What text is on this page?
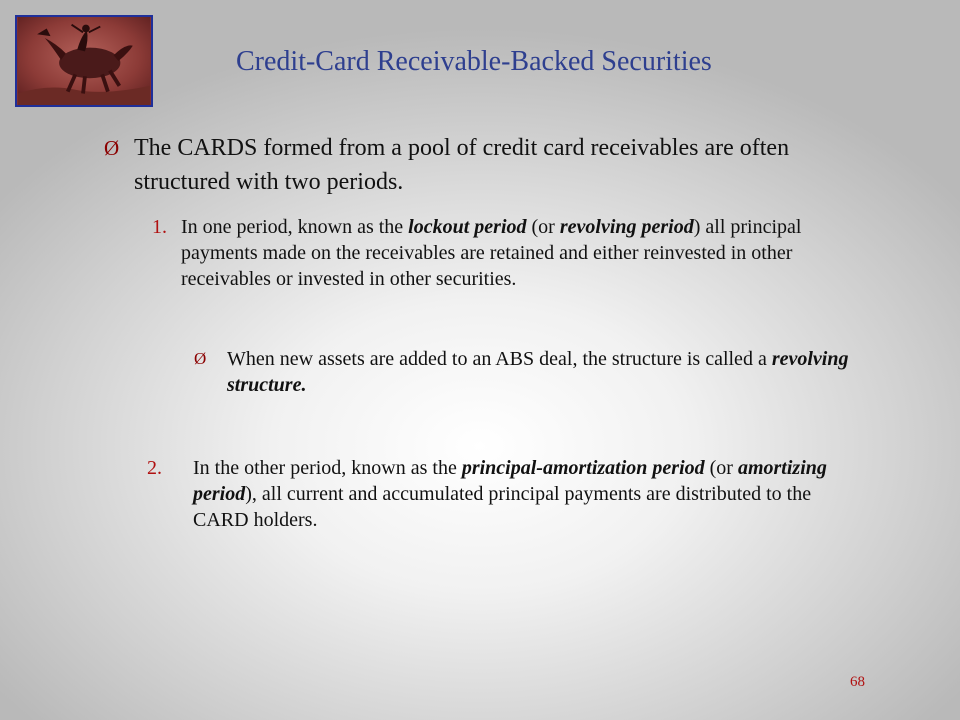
Credit-Card Receivable-Backed Securities
Ø The CARDS formed from a pool of credit card receivables are often structured with two periods.
1. In one period, known as the lockout period (or revolving period) all principal payments made on the receivables are retained and either reinvested in other receivables or invested in other securities.
Ø When new assets are added to an ABS deal, the structure is called a revolving structure.
2. In the other period, known as the principal-amortization period (or amortizing period), all current and accumulated principal payments are distributed to the CARD holders.
68
